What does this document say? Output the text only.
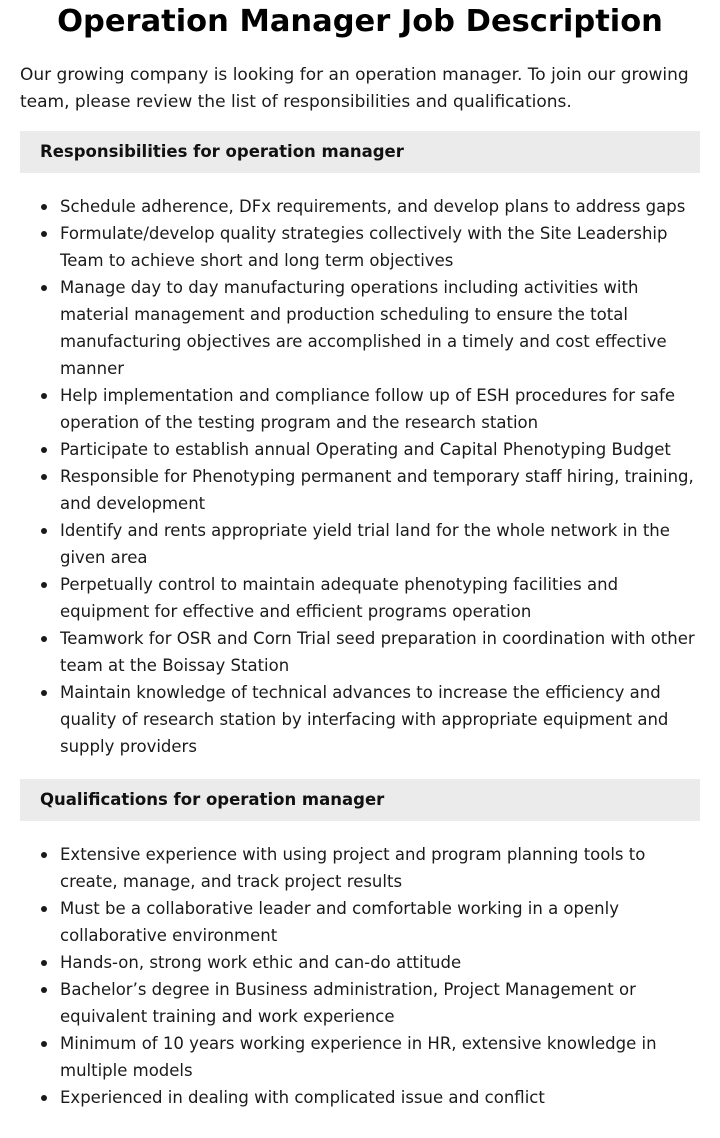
Operation Manager Job Description

Our growing company is looking for an operation manager. To join our growing team, please review the list of responsibilities and qualifications.

Responsibilities for operation manager
Schedule adherence, DFx requirements, and develop plans to address gaps
Formulate/develop quality strategies collectively with the Site Leadership Team to achieve short and long term objectives
Manage day to day manufacturing operations including activities with material management and production scheduling to ensure the total manufacturing objectives are accomplished in a timely and cost effective manner
Help implementation and compliance follow up of ESH procedures for safe operation of the testing program and the research station
Participate to establish annual Operating and Capital Phenotyping Budget
Responsible for Phenotyping permanent and temporary staff hiring, training, and development
Identify and rents appropriate yield trial land for the whole network in the given area
Perpetually control to maintain adequate phenotyping facilities and equipment for effective and efficient programs operation
Teamwork for OSR and Corn Trial seed preparation in coordination with other team at the Boissay Station
Maintain knowledge of technical advances to increase the efficiency and quality of research station by interfacing with appropriate equipment and supply providers
Qualifications for operation manager
Extensive experience with using project and program planning tools to create, manage, and track project results
Must be a collaborative leader and comfortable working in a openly collaborative environment
Hands-on, strong work ethic and can-do attitude
Bachelor’s degree in Business administration, Project Management or equivalent training and work experience
Minimum of 10 years working experience in HR, extensive knowledge in multiple models
Experienced in dealing with complicated issue and conflict
